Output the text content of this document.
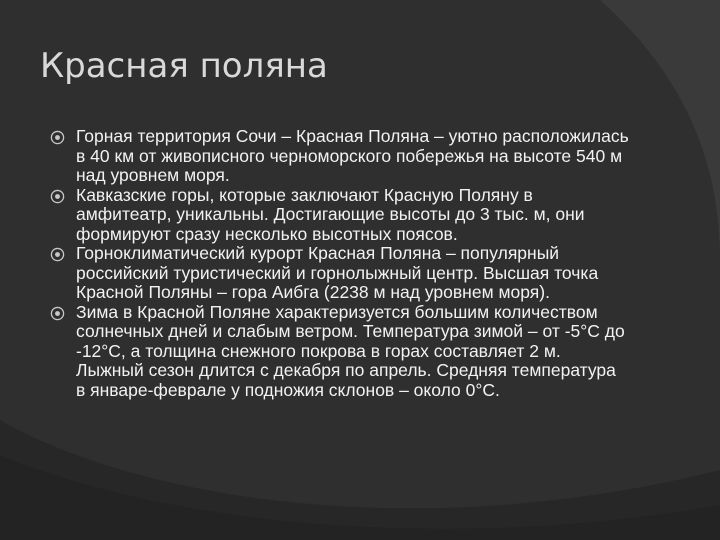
Красная поляна
Горная территория Сочи – Красная Поляна – уютно расположилась в 40 км от живописного черноморского побережья на высоте 540 м над уровнем моря.
Кавказские горы, которые заключают Красную Поляну в амфитеатр, уникальны. Достигающие высоты до 3 тыс. м, они формируют сразу несколько высотных поясов.
Горноклиматический курорт Красная Поляна – популярный российский туристический и горнолыжный центр. Высшая точка Красной Поляны – гора Аибга (2238 м над уровнем моря).
Зима в Красной Поляне характеризуется большим количеством солнечных дней и слабым ветром. Температура зимой – от -5°С до -12°С, а толщина снежного покрова в горах составляет 2 м. Лыжный сезон длится с декабря по апрель. Средняя температура в январе-феврале у подножия склонов – около 0°С.
